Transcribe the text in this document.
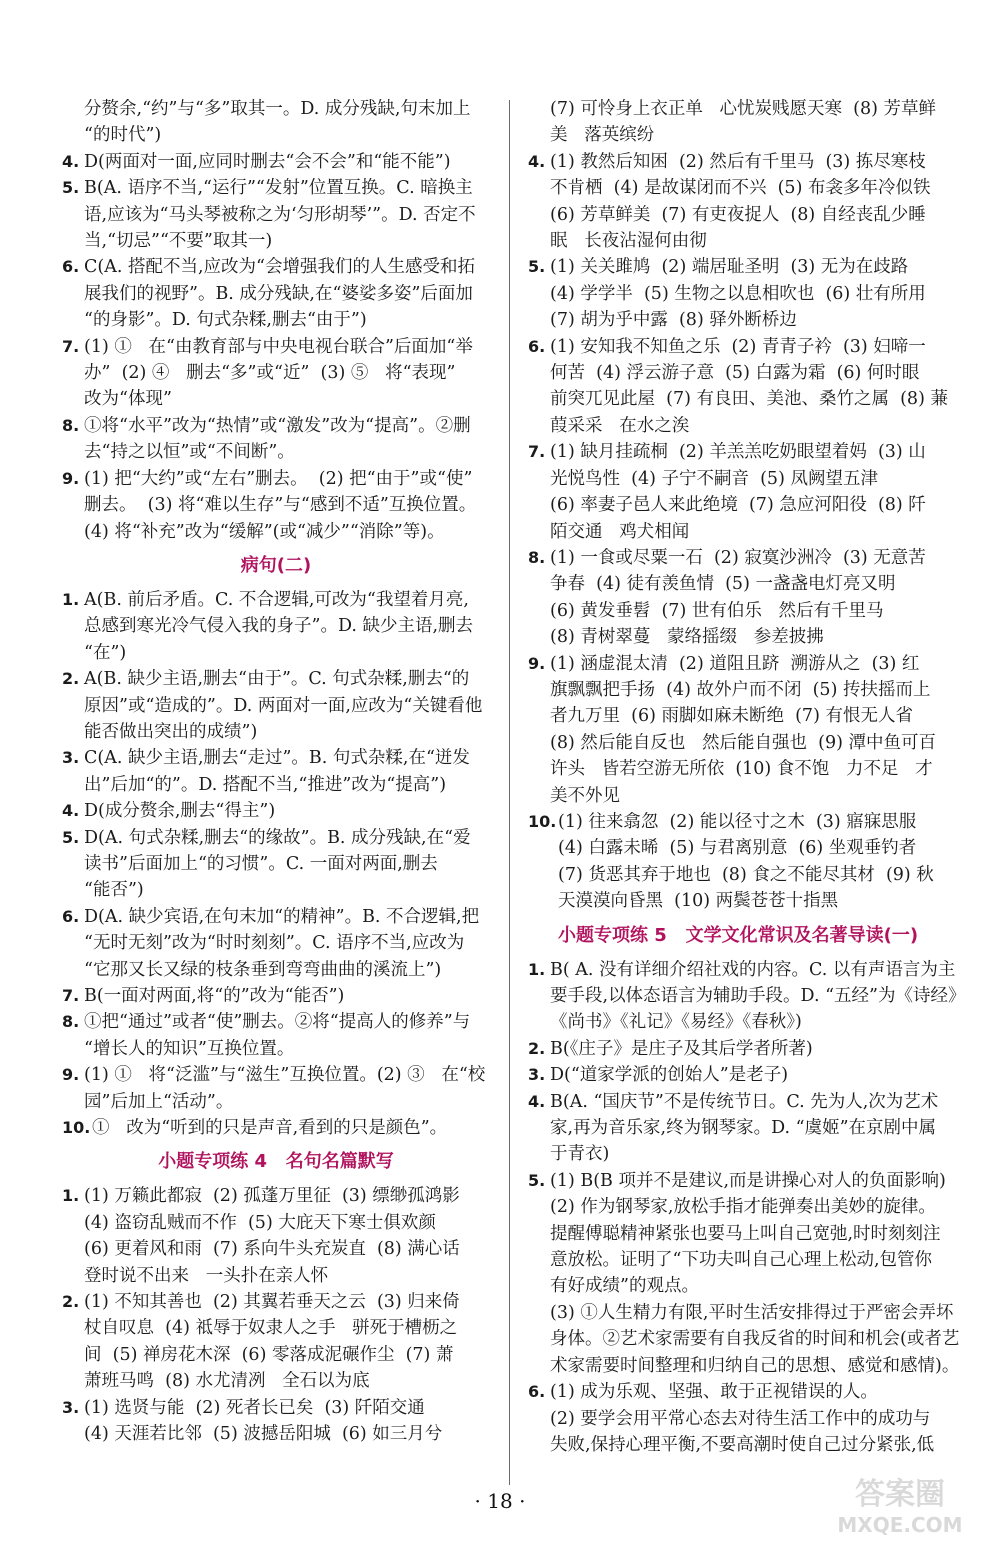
分赘余,“约”与“多”取其一。D. 成分残缺,句末加上
“的时代”)
4. D(两面对一面,应同时删去“会不会”和“能不能”)
5. B(A. 语序不当,“运行”“发射”位置互换。C. 暗换主
语,应该为“马头琴被称之为‘匀形胡琴’”。D. 否定不
当,“切忌”“不要”取其一)
6. C(A. 搭配不当,应改为“会增强我们的人生感受和拓
展我们的视野”。B. 成分残缺,在“婆娑多姿”后面加
“的身影”。D. 句式杂糅,删去“由于”)
7. (1) ①   在“由教育部与中央电视台联合”后面加“举
办”  (2) ④   删去“多”或“近”  (3) ⑤   将“表现”
改为“体现”
8. ①将“水平”改为“热情”或“激发”改为“提高”。②删
去“持之以恒”或“不间断”。
9. (1) 把“大约”或“左右”删去。  (2) 把“由于”或“使”
删去。  (3) 将“难以生存”与“感到不适”互换位置。
(4) 将“补充”改为“缓解”(或“减少”“消除”等)。
病句(二)
1. A(B. 前后矛盾。C. 不合逻辑,可改为“我望着月亮,
总感到寒光冷气侵入我的身子”。D. 缺少主语,删去
“在”)
2. A(B. 缺少主语,删去“由于”。C. 句式杂糅,删去“的
原因”或“造成的”。D. 两面对一面,应改为“关键看他
能否做出突出的成绩”)
3. C(A. 缺少主语,删去“走过”。B. 句式杂糅,在“迸发
出”后加“的”。D. 搭配不当,“推进”改为“提高”)
4. D(成分赘余,删去“得主”)
5. D(A. 句式杂糅,删去“的缘故”。B. 成分残缺,在“爱
读书”后面加上“的习惯”。C. 一面对两面,删去
“能否”)
6. D(A. 缺少宾语,在句末加“的精神”。B. 不合逻辑,把
“无时无刻”改为“时时刻刻”。C. 语序不当,应改为
“它那又长又绿的枝条垂到弯弯曲曲的溪流上”)
7. B(一面对两面,将“的”改为“能否”)
8. ①把“通过”或者“使”删去。②将“提高人的修养”与
“增长人的知识”互换位置。
9. (1) ①   将“泛滥”与“滋生”互换位置。(2) ③   在“校
园”后加上“活动”。
10. ①   改为“听到的只是声音,看到的只是颜色”。
小题专项练 4   名句名篇默写
1. (1) 万籁此都寂  (2) 孤蓬万里征  (3) 缥缈孤鸿影
(4) 盗窃乱贼而不作  (5) 大庇天下寒士俱欢颜
(6) 更着风和雨  (7) 系向牛头充炭直  (8) 满心话
登时说不出来   一头扑在亲人怀
2. (1) 不知其善也  (2) 其翼若垂天之云  (3) 归来倚
杖自叹息  (4) 祗辱于奴隶人之手   骈死于槽枥之
间  (5) 禅房花木深  (6) 零落成泥碾作尘  (7) 萧
萧班马鸣  (8) 水尤清冽   全石以为底
3. (1) 选贤与能  (2) 死者长已矣  (3) 阡陌交通
(4) 天涯若比邻  (5) 波撼岳阳城  (6) 如三月兮
(7) 可怜身上衣正单   心忧炭贱愿天寒  (8) 芳草鲜
美   落英缤纷
4. (1) 教然后知困  (2) 然后有千里马  (3) 拣尽寒枝
不肯栖  (4) 是故谋闭而不兴  (5) 布衾多年冷似铁
(6) 芳草鲜美  (7) 有吏夜捉人  (8) 自经丧乱少睡
眠   长夜沾湿何由彻
5. (1) 关关雎鸠  (2) 端居耻圣明  (3) 无为在歧路
(4) 学学半  (5) 生物之以息相吹也  (6) 壮有所用
(7) 胡为乎中露  (8) 驿外断桥边
6. (1) 安知我不知鱼之乐  (2) 青青子衿  (3) 妇啼一
何苦  (4) 浮云游子意  (5) 白露为霜  (6) 何时眼
前突兀见此屋  (7) 有良田、美池、桑竹之属  (8) 蒹
葭采采   在水之涘
7. (1) 缺月挂疏桐  (2) 羊羔羔吃奶眼望着妈  (3) 山
光悦鸟性  (4) 子宁不嗣音  (5) 凤阙望五津
(6) 率妻子邑人来此绝境  (7) 急应河阳役  (8) 阡
陌交通   鸡犬相闻
8. (1) 一食或尽粟一石  (2) 寂寞沙洲冷  (3) 无意苦
争春  (4) 徒有羡鱼情  (5) 一盏盏电灯亮又明
(6) 黄发垂髫  (7) 世有伯乐   然后有千里马
(8) 青树翠蔓   蒙络摇缀   参差披拂
9. (1) 涵虚混太清  (2) 道阻且跻  溯游从之  (3) 红
旗飘飘把手扬  (4) 故外户而不闭  (5) 抟扶摇而上
者九万里  (6) 雨脚如麻未断绝  (7) 有恨无人省
(8) 然后能自反也   然后能自强也  (9) 潭中鱼可百
许头   皆若空游无所依  (10) 食不饱   力不足   才
美不外见
10. (1) 往来翕忽  (2) 能以径寸之木  (3) 寤寐思服
(4) 白露未晞  (5) 与君离别意  (6) 坐观垂钓者
(7) 货恶其弃于地也  (8) 食之不能尽其材  (9) 秋
天漠漠向昏黑  (10) 两鬓苍苍十指黑
小题专项练 5   文学文化常识及名著导读(一)
1. B( A. 没有详细介绍社戏的内容。C. 以有声语言为主
要手段,以体态语言为辅助手段。D. “五经”为《诗经》
《尚书》《礼记》《易经》《春秋》)
2. B(《庄子》是庄子及其后学者所著)
3. D(“道家学派的创始人”是老子)
4. B(A. “国庆节”不是传统节日。C. 先为人,次为艺术
家,再为音乐家,终为钢琴家。D. “虞姬”在京剧中属
于青衣)
5. (1) B(B 项并不是建议,而是讲操心对人的负面影响)
(2) 作为钢琴家,放松手指才能弹奏出美妙的旋律。
提醒傅聪精神紧张也要马上叫自己宽弛,时时刻刻注
意放松。证明了“下功夫叫自己心理上松动,包管你
有好成绩”的观点。
(3) ①人生精力有限,平时生活安排得过于严密会弄坏
身体。②艺术家需要有自我反省的时间和机会(或者艺
术家需要时间整理和归纳自己的思想、感觉和感情)。
6. (1) 成为乐观、坚强、敢于正视错误的人。
(2) 要学会用平常心态去对待生活工作中的成功与
失败,保持心理平衡,不要高潮时使自己过分紧张,低
· 18 ·	答案圈
MXQE.COM
